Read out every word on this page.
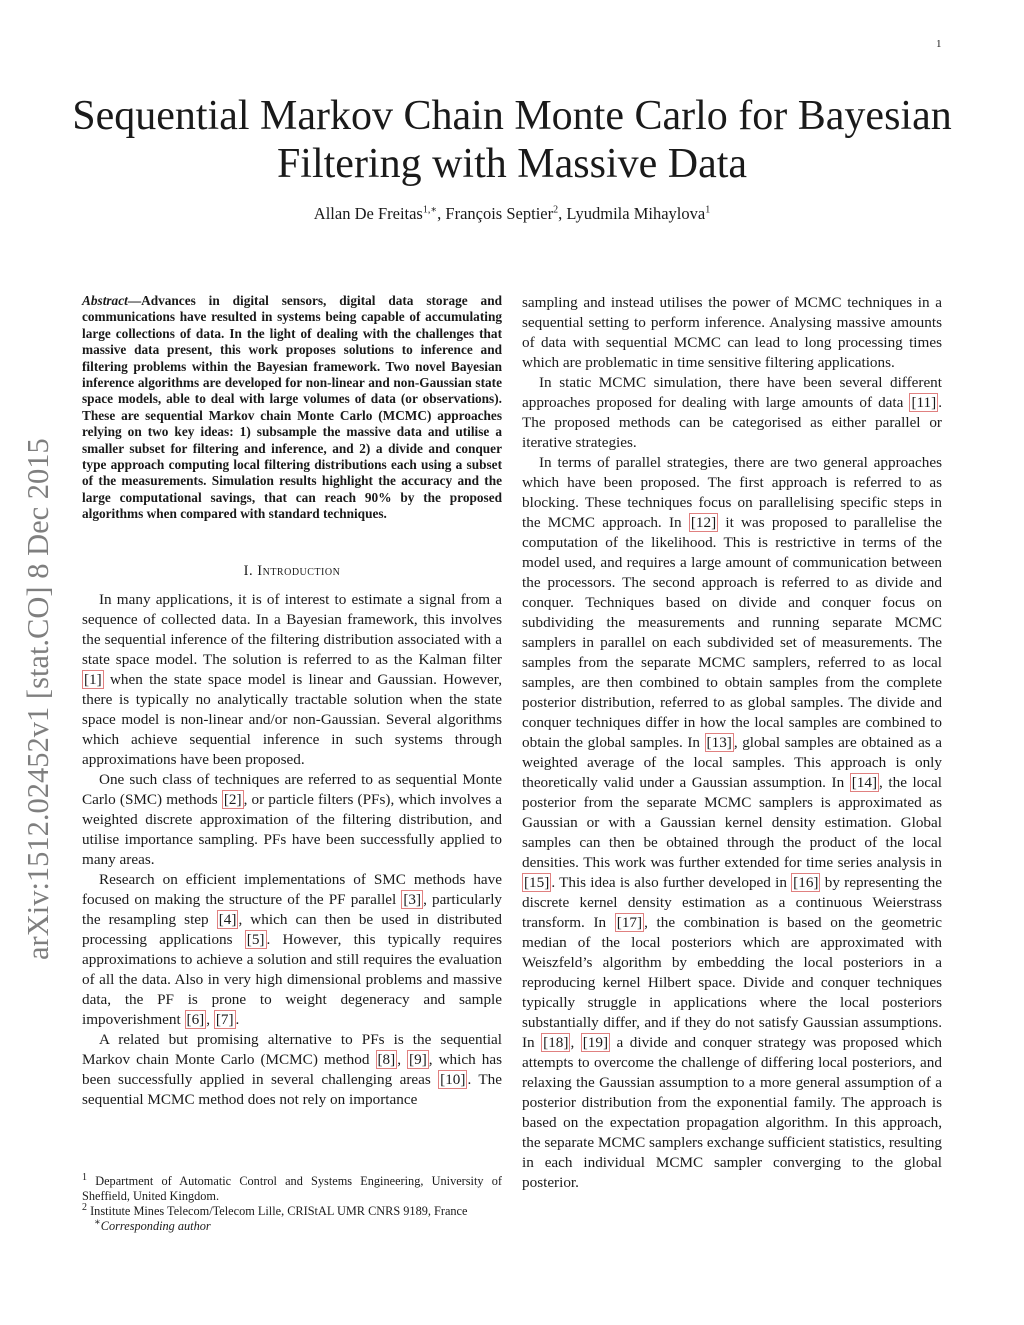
1
arXiv:1512.02452v1 [stat.CO] 8 Dec 2015
Sequential Markov Chain Monte Carlo for Bayesian Filtering with Massive Data
Allan De Freitas$^{1,∗}$, François Septier$^2$, Lyudmila Mihaylova$^1$

Abstract—Advances in digital sensors, digital data storage and communications have resulted in systems being capable of accumulating large collections of data. In the light of dealing with the challenges that massive data present, this work proposes solutions to inference and filtering problems within the Bayesian framework. Two novel Bayesian inference algorithms are developed for non-linear and non-Gaussian state space models, able to deal with large volumes of data (or observations). These are sequential Markov chain Monte Carlo (MCMC) approaches relying on two key ideas: 1) subsample the massive data and utilise a smaller subset for filtering and inference, and 2) a divide and conquer type approach computing local filtering distributions each using a subset of the measurements. Simulation results highlight the accuracy and the large computational savings, that can reach 90% by the proposed algorithms when compared with standard techniques.

I. Introduction

In many applications, it is of interest to estimate a signal from a sequence of collected data. In a Bayesian framework, this involves the sequential inference of the filtering distribution associated with a state space model. The solution is referred to as the Kalman filter [1] when the state space model is linear and Gaussian. However, there is typically no analytically tractable solution when the state space model is non-linear and/or non-Gaussian. Several algorithms which achieve sequential inference in such systems through approximations have been proposed.

One such class of techniques are referred to as sequential Monte Carlo (SMC) methods [2] , or particle filters (PFs), which involves a weighted discrete approximation of the filtering distribution, and utilise importance sampling. PFs have been successfully applied to many areas.

Research on efficient implementations of SMC methods have focused on making the structure of the PF parallel [3] , particularly the resampling step [4] , which can then be used in distributed processing applications [5] . However, this typically requires approximations to achieve a solution and still requires the evaluation of all the data. Also in very high dimensional problems and massive data, the PF is prone to weight degeneracy and sample impoverishment [6] , [7] .

A related but promising alternative to PFs is the sequential Markov chain Monte Carlo (MCMC) method [8] , [9] , which has been successfully applied in several challenging areas [10] . The sequential MCMC method does not rely on importance

sampling and instead utilises the power of MCMC techniques in a sequential setting to perform inference. Analysing massive amounts of data with sequential MCMC can lead to long processing times which are problematic in time sensitive filtering applications.

In static MCMC simulation, there have been several different approaches proposed for dealing with large amounts of data [11] . The proposed methods can be categorised as either parallel or iterative strategies.

In terms of parallel strategies, there are two general approaches which have been proposed. The first approach is referred to as blocking. These techniques focus on parallelising specific steps in the MCMC approach. In [12] it was proposed to parallelise the computation of the likelihood. This is restrictive in terms of the model used, and requires a large amount of communication between the processors. The second approach is referred to as divide and conquer. Techniques based on divide and conquer focus on subdividing the measurements and running separate MCMC samplers in parallel on each subdivided set of measurements. The samples from the separate MCMC samplers, referred to as local samples, are then combined to obtain samples from the complete posterior distribution, referred to as global samples. The divide and conquer techniques differ in how the local samples are combined to obtain the global samples. In [13] , global samples are obtained as a weighted average of the local samples. This approach is only theoretically valid under a Gaussian assumption. In [14] , the local posterior from the separate MCMC samplers is approximated as Gaussian or with a Gaussian kernel density estimation. Global samples can then be obtained through the product of the local densities. This work was further extended for time series analysis in [15] . This idea is also further developed in [16] by representing the discrete kernel density estimation as a continuous Weierstrass transform. In [17] , the combination is based on the geometric median of the local posteriors which are approximated with Weiszfeld’s algorithm by embedding the local posteriors in a reproducing kernel Hilbert space. Divide and conquer techniques typically struggle in applications where the local posteriors substantially differ, and if they do not satisfy Gaussian assumptions. In [18] , [19] a divide and conquer strategy was proposed which attempts to overcome the challenge of differing local posteriors, and relaxing the Gaussian assumption to a more general assumption of a posterior distribution from the exponential family. The approach is based on the expectation propagation algorithm. In this approach, the separate MCMC samplers exchange sufficient statistics, resulting in each individual MCMC sampler converging to the global posterior.

$^1$ Department of Automatic Control and Systems Engineering, University of Sheffield, United Kingdom.

$^2$ Institute Mines Telecom/Telecom Lille, CRIStAL UMR CNRS 9189, France

∗Corresponding author
